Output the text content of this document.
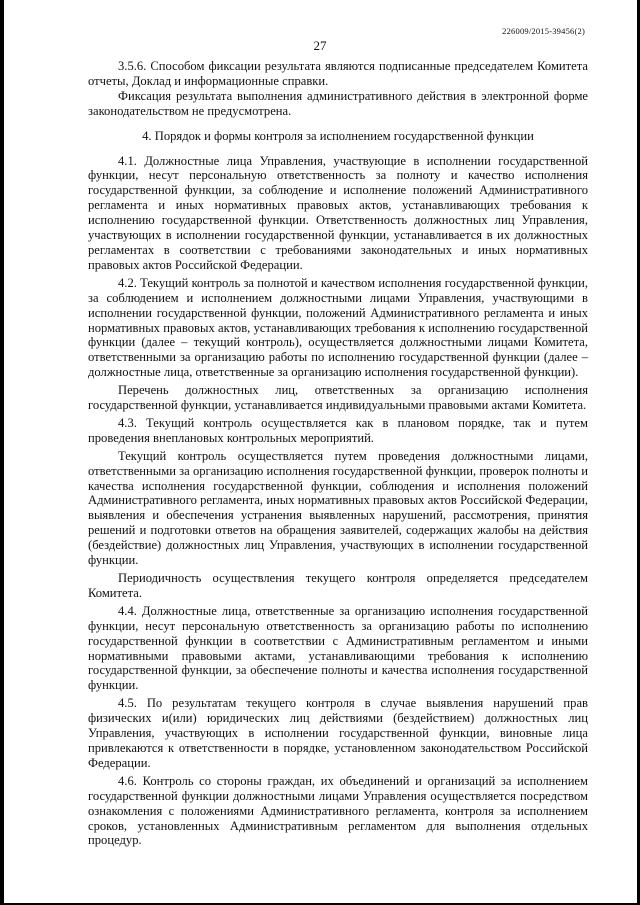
226009/2015-39456(2)
27

3.5.6. Способом фиксации результата являются подписанные председателем Комитета отчеты, Доклад и информационные справки.

Фиксация результата выполнения административного действия в электронной форме законодательством не предусмотрена.

4. Порядок и формы контроля за исполнением государственной функции

4.1. Должностные лица Управления, участвующие в исполнении государственной функции, несут персональную ответственность за полноту и качество исполнения государственной функции, за соблюдение и исполнение положений Административного регламента и иных нормативных правовых актов, устанавливающих требования к исполнению государственной функции. Ответственность должностных лиц Управления, участвующих в исполнении государственной функции, устанавливается в их должностных регламентах в соответствии с требованиями законодательных и иных нормативных правовых актов Российской Федерации.

4.2. Текущий контроль за полнотой и качеством исполнения государственной функции, за соблюдением и исполнением должностными лицами Управления, участвующими в исполнении государственной функции, положений Административного регламента и иных нормативных правовых актов, устанавливающих требования к исполнению государственной функции (далее – текущий контроль), осуществляется должностными лицами Комитета, ответственными за организацию работы по исполнению государственной функции (далее – должностные лица, ответственные за организацию исполнения государственной функции).

Перечень должностных лиц, ответственных за организацию исполнения государственной функции, устанавливается индивидуальными правовыми актами Комитета.

4.3. Текущий контроль осуществляется как в плановом порядке, так и путем проведения внеплановых контрольных мероприятий.

Текущий контроль осуществляется путем проведения должностными лицами, ответственными за организацию исполнения государственной функции, проверок полноты и качества исполнения государственной функции, соблюдения и исполнения положений Административного регламента, иных нормативных правовых актов Российской Федерации, выявления и обеспечения устранения выявленных нарушений, рассмотрения, принятия решений и подготовки ответов на обращения заявителей, содержащих жалобы на действия (бездействие) должностных лиц Управления, участвующих в исполнении государственной функции.

Периодичность осуществления текущего контроля определяется председателем Комитета.

4.4. Должностные лица, ответственные за организацию исполнения государственной функции, несут персональную ответственность за организацию работы по исполнению государственной функции в соответствии с Административным регламентом и иными нормативными правовыми актами, устанавливающими требования к исполнению государственной функции, за обеспечение полноты и качества исполнения государственной функции.

4.5. По результатам текущего контроля в случае выявления нарушений прав физических и(или) юридических лиц действиями (бездействием) должностных лиц Управления, участвующих в исполнении государственной функции, виновные лица привлекаются к ответственности в порядке, установленном законодательством Российской Федерации.

4.6. Контроль со стороны граждан, их объединений и организаций за исполнением государственной функции должностными лицами Управления осуществляется посредством ознакомления с положениями Административного регламента, контроля за исполнением сроков, установленных Административным регламентом для выполнения отдельных процедур.
